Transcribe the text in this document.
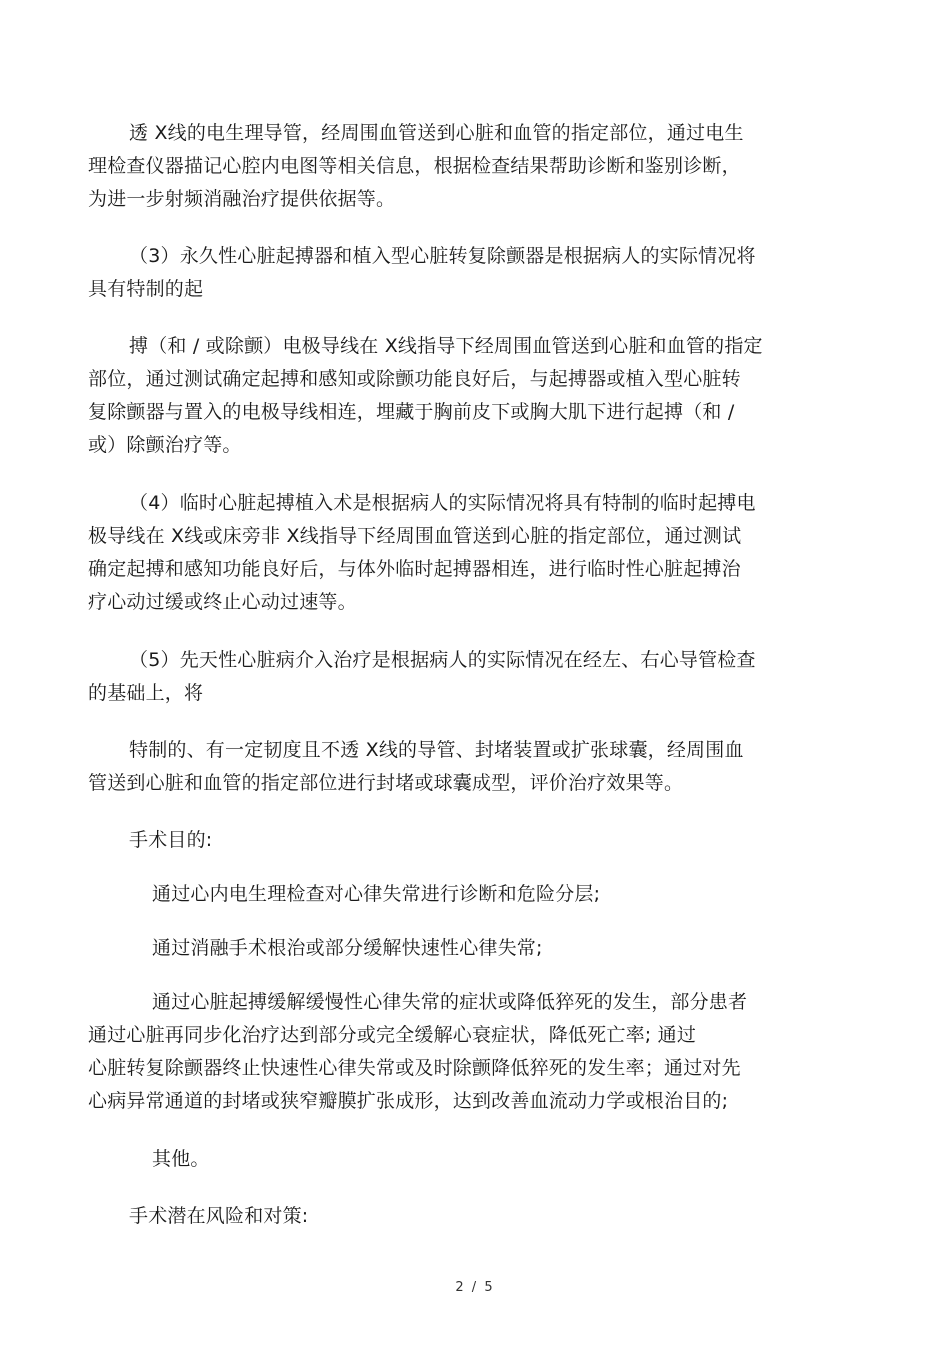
透 X线的电生理导管，经周围血管送到心脏和血管的指定部位，通过电生
理检查仪器描记心腔内电图等相关信息，根据检查结果帮助诊断和鉴别诊断，
为进一步射频消融治疗提供依据等。
（3）永久性心脏起搏器和植入型心脏转复除颤器是根据病人的实际情况将
具有特制的起
搏（和 / 或除颤）电极导线在 X线指导下经周围血管送到心脏和血管的指定
部位，通过测试确定起搏和感知或除颤功能良好后，与起搏器或植入型心脏转
复除颤器与置入的电极导线相连，埋藏于胸前皮下或胸大肌下进行起搏（和 /
或）除颤治疗等。
（4）临时心脏起搏植入术是根据病人的实际情况将具有特制的临时起搏电
极导线在 X线或床旁非 X线指导下经周围血管送到心脏的指定部位，通过测试
确定起搏和感知功能良好后，与体外临时起搏器相连，进行临时性心脏起搏治
疗心动过缓或终止心动过速等。
（5）先天性心脏病介入治疗是根据病人的实际情况在经左、右心导管检查
的基础上，将
特制的、有一定韧度且不透 X线的导管、封堵装置或扩张球囊，经周围血
管送到心脏和血管的指定部位进行封堵或球囊成型，评价治疗效果等。
手术目的:
通过心内电生理检查对心律失常进行诊断和危险分层;
通过消融手术根治或部分缓解快速性心律失常;
通过心脏起搏缓解缓慢性心律失常的症状或降低猝死的发生，部分患者
通过心脏再同步化治疗达到部分或完全缓解心衰症状，降低死亡率; 通过
心脏转复除颤器终止快速性心律失常或及时除颤降低猝死的发生率；通过对先
心病异常通道的封堵或狭窄瓣膜扩张成形，达到改善血流动力学或根治目的;
其他。
手术潜在风险和对策:
2 / 5
